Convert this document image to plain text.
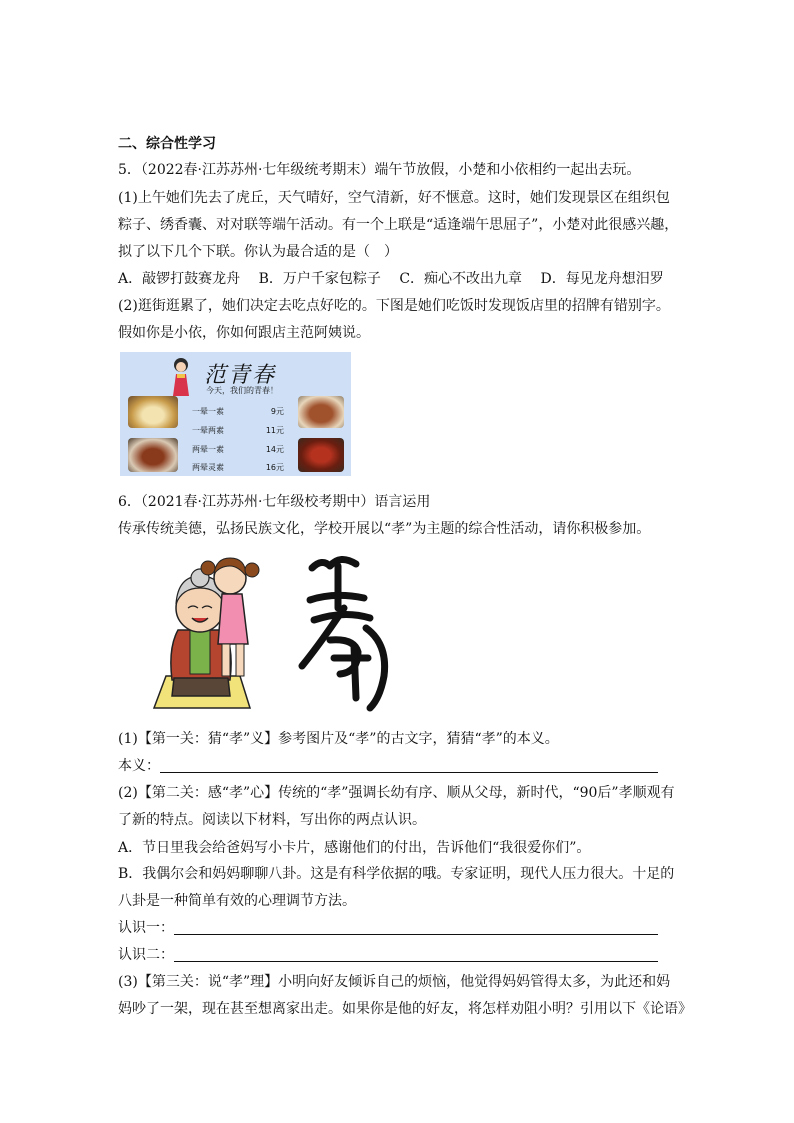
二、综合性学习
5．（2022春·江苏苏州·七年级统考期末）端午节放假，小楚和小依相约一起出去玩。
(1)上午她们先去了虎丘，天气晴好，空气清新，好不惬意。这时，她们发现景区在组织包
粽子、绣香囊、对对联等端午活动。有一个上联是“适逢端午思屈子”，小楚对此很感兴趣，
拟了以下几个下联。你认为最合适的是（　）
A．敲锣打鼓赛龙舟 B．万户千家包粽子 C．痴心不改出九章 D．每见龙舟想汨罗
(2)逛街逛累了，她们决定去吃点好吃的。下图是她们吃饭时发现饭店里的招牌有错别字。
假如你是小依，你如何跟店主范阿姨说。
范青春
今天，我们的青春！
一晕一素	9元
一晕两素	11元
两晕一素	14元
两晕灵素	16元
6．（2021春·江苏苏州·七年级校考期中）语言运用
传承传统美德，弘扬民族文化，学校开展以“孝”为主题的综合性活动，请你积极参加。
(1)【第一关：猜“孝”义】参考图片及“孝”的古文字，猜猜“孝”的本义。
本义：
(2)【第二关：感“孝”心】传统的“孝”强调长幼有序、顺从父母，新时代，“90后”孝顺观有
了新的特点。阅读以下材料，写出你的两点认识。
A．节日里我会给爸妈写小卡片，感谢他们的付出，告诉他们“我很爱你们”。
B．我偶尔会和妈妈聊聊八卦。这是有科学依据的哦。专家证明，现代人压力很大。十足的
八卦是一种简单有效的心理调节方法。
认识一：
认识二：
(3)【第三关：说“孝”理】小明向好友倾诉自己的烦恼，他觉得妈妈管得太多，为此还和妈
妈吵了一架，现在甚至想离家出走。如果你是他的好友，将怎样劝阻小明？引用以下《论语》
